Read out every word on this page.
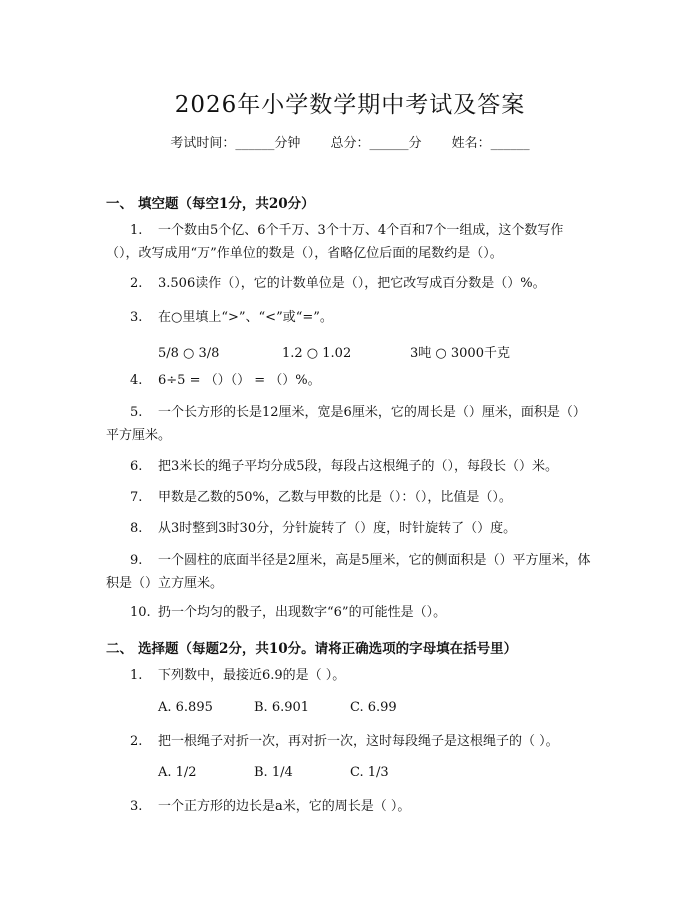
2026年小学数学期中考试及答案
考试时间：______分钟 总分：______分 姓名：______
一、 填空题（每空1分，共20分）
1. 一个数由5个亿、6个千万、3个十万、4个百和7个一组成，这个数写作（），改写成用“万”作单位的数是（），省略亿位后面的尾数约是（）。
2. 3.506读作（），它的计数单位是（），把它改写成百分数是（）%。
3. 在○里填上“>”、“<”或“=”。
5/8 ○ 3/8	1.2 ○ 1.02	3吨 ○ 3000千克
4. 6÷5 = （）（） = （）%。
5. 一个长方形的长是12厘米，宽是6厘米，它的周长是（）厘米，面积是（）平方厘米。
6. 把3米长的绳子平均分成5段，每段占这根绳子的（），每段长（）米。
7. 甲数是乙数的50%，乙数与甲数的比是（）：（），比值是（）。
8. 从3时整到3时30分，分针旋转了（）度，时针旋转了（）度。
9. 一个圆柱的底面半径是2厘米，高是5厘米，它的侧面积是（）平方厘米，体积是（）立方厘米。
10. 扔一个均匀的骰子，出现数字“6”的可能性是（）。
二、 选择题（每题2分，共10分。请将正确选项的字母填在括号里）
1. 下列数中，最接近6.9的是（ ）。
A. 6.895	B. 6.901	C. 6.99
2. 把一根绳子对折一次，再对折一次，这时每段绳子是这根绳子的（ ）。
A. 1/2	B. 1/4	C. 1/3
3. 一个正方形的边长是a米，它的周长是（ ）。
